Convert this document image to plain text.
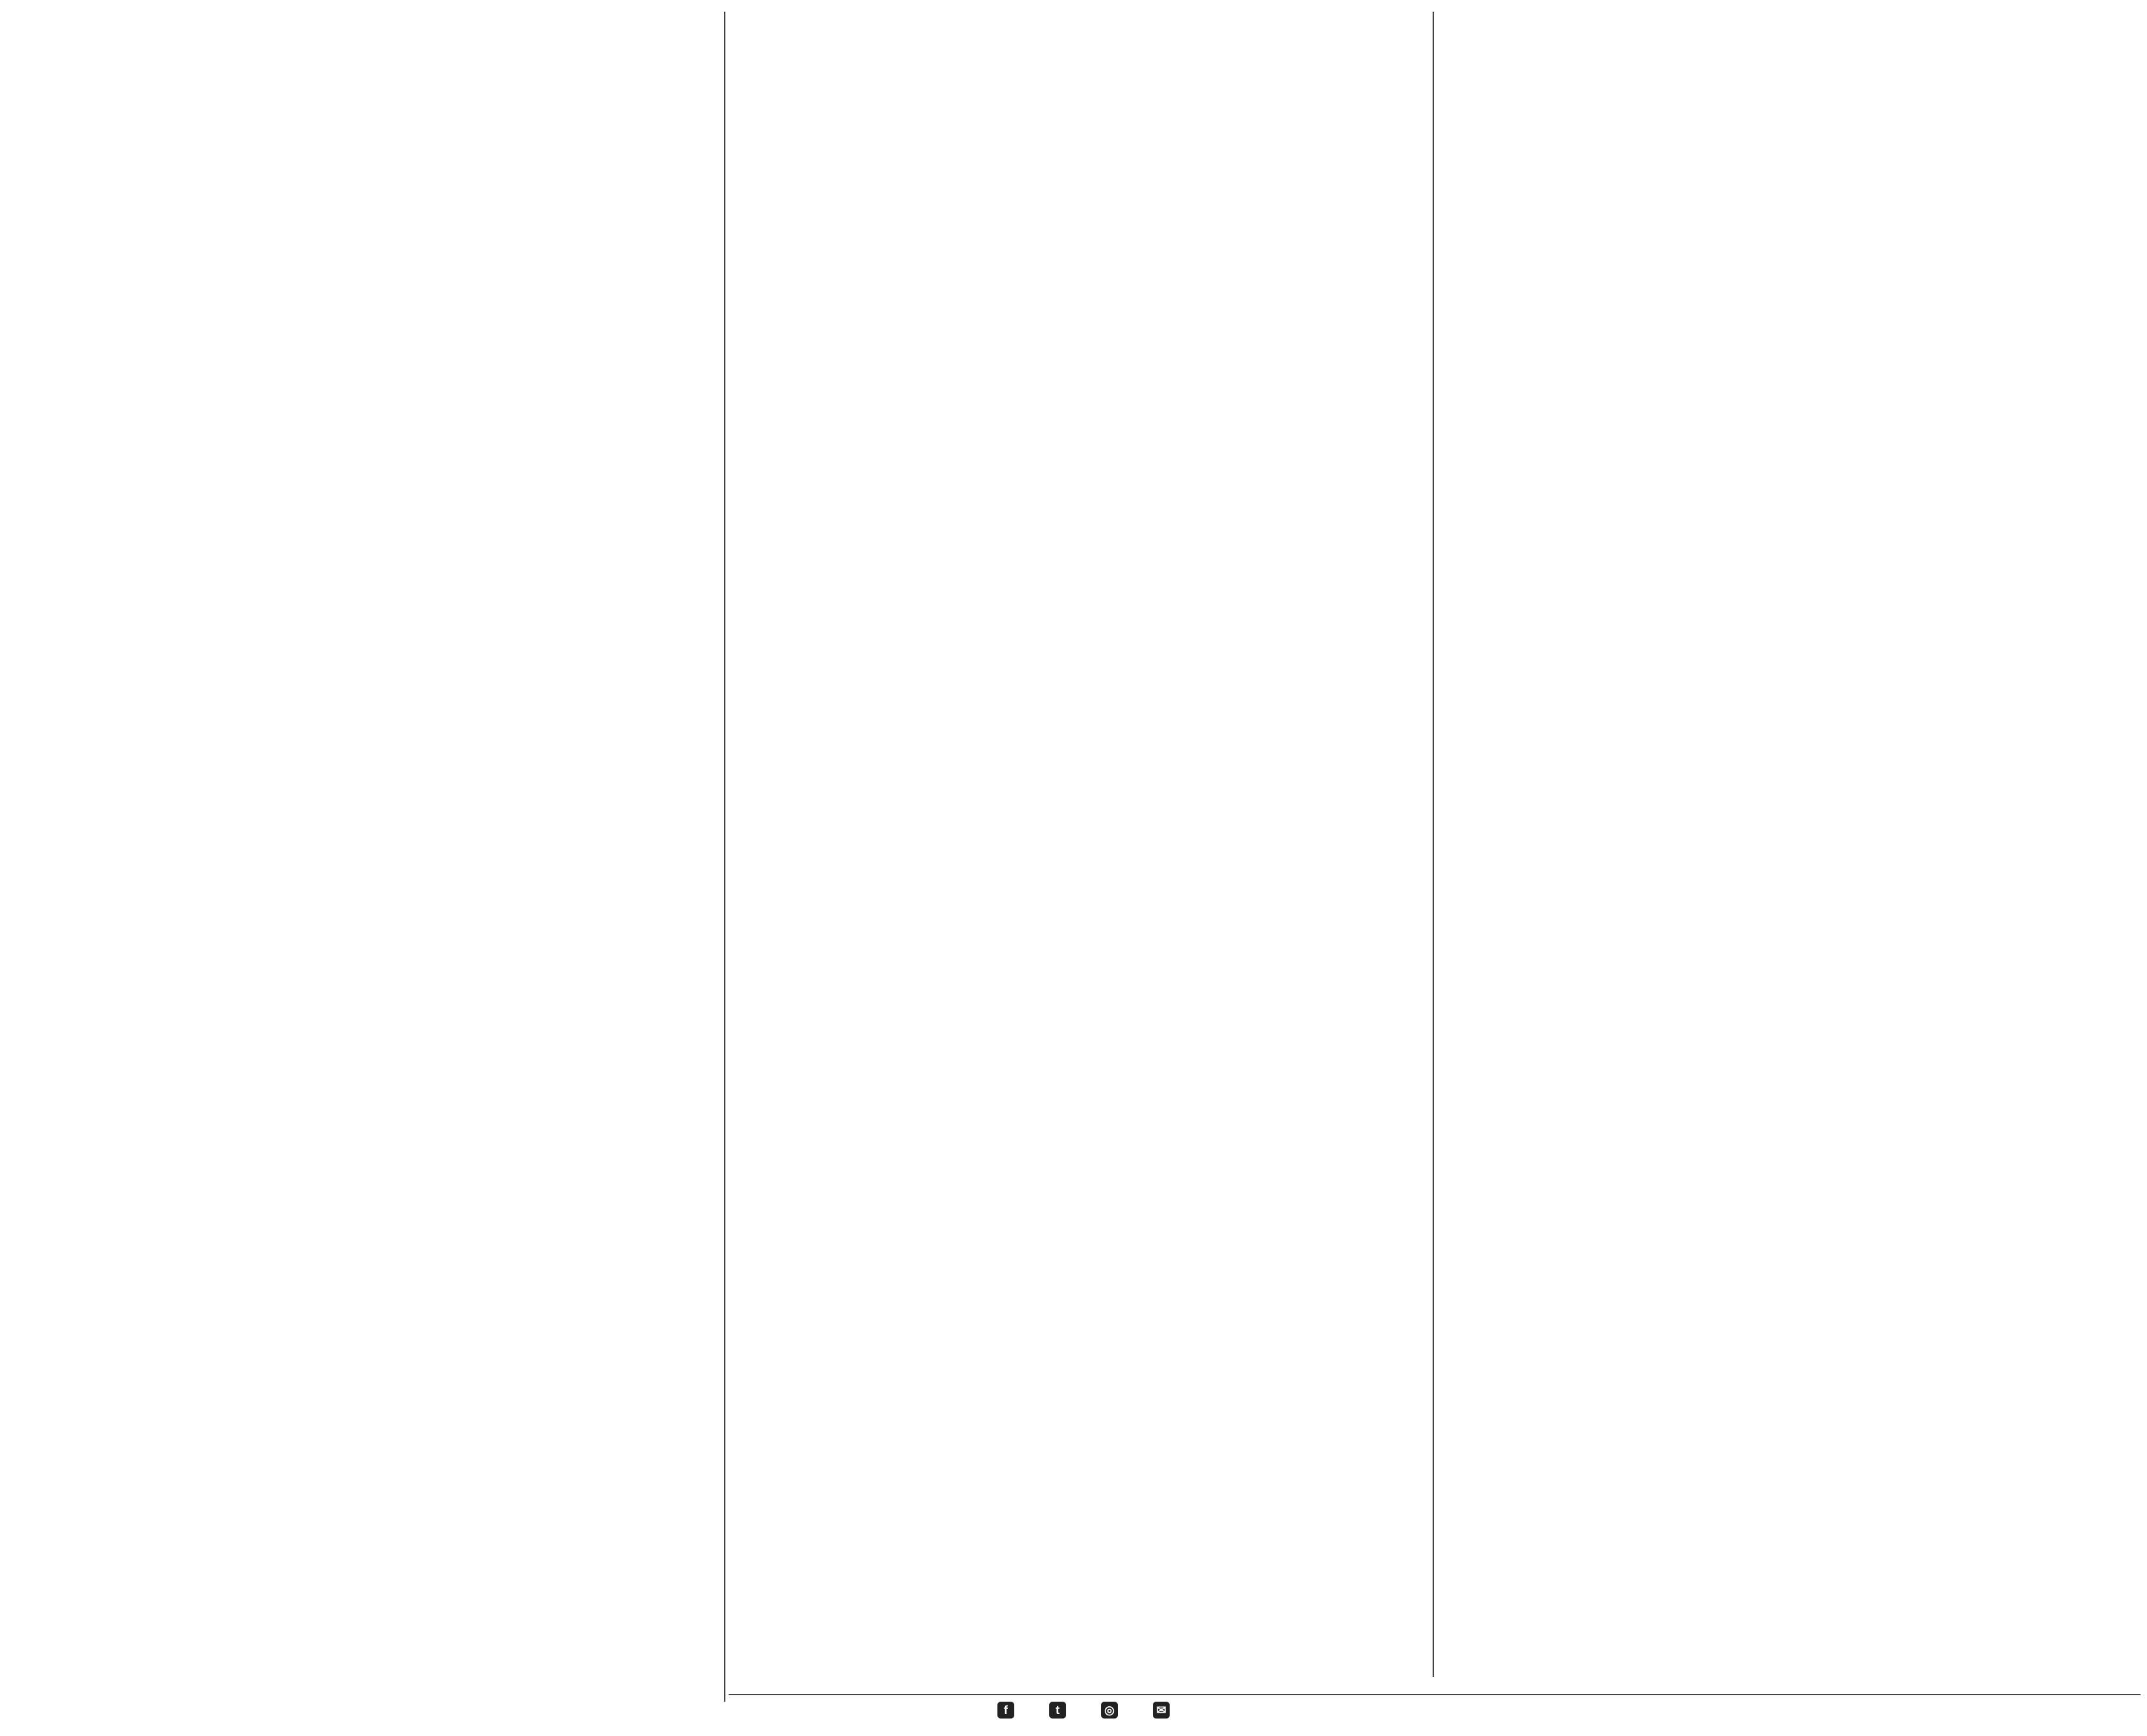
f	t	◎	✉
